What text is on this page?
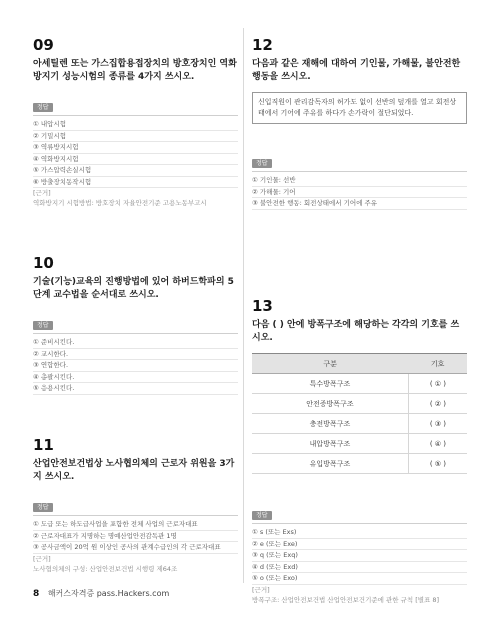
09
아세틸렌 또는 가스집합용접장치의 방호장치인 역화방지기 성능시험의 종류를 4가지 쓰시오.
정답
① 내압시험
② 기밀시험
③ 역류방지시험
④ 역화방지시험
⑤ 가스압력손실시험
⑥ 방출장치동작시험
[근거]
역화방지기 시험방법: 방호장치 자율안전기준 고용노동부고시
10
기술(기능)교육의 진행방법에 있어 하버드학파의 5단계 교수법을 순서대로 쓰시오.
정답
① 준비시킨다.
② 교시한다.
③ 연합한다.
④ 총괄시킨다.
⑤ 응용시킨다.
11
산업안전보건법상 노사협의체의 근로자 위원을 3가지 쓰시오.
정답
① 도급 또는 하도급사업을 포함한 전체 사업의 근로자대표
② 근로자대표가 지명하는 명예산업안전감독관 1명
③ 공사금액이 20억 원 이상인 공사의 관계수급인의 각 근로자대표
[근거]
노사협의체의 구성: 산업안전보건법 시행령 제64조
12
다음과 같은 재해에 대하여 기인물, 가해물, 불안전한 행동을 쓰시오.
신입직원이 관리감독자의 허가도 없이 선반의 덮개를 열고 회전상태에서 기어에 주유를 하다가 손가락이 절단되었다.
정답
① 기인물: 선반
② 가해물: 기어
③ 불안전한 행동: 회전상태에서 기어에 주유
13
다음 ( ) 안에 방폭구조에 해당하는 각각의 기호를 쓰시오.
구분	기호
특수방폭구조	( ① )
안전증방폭구조	( ② )
충전방폭구조	( ③ )
내압방폭구조	( ④ )
유입방폭구조	( ⑤ )
정답
① s (또는 Exs)
② e (또는 Exe)
③ q (또는 Exq)
④ d (또는 Exd)
⑤ o (또는 Exo)
[근거]
방폭구조: 산업안전보건법 산업안전보건기준에 관한 규칙 [별표 8]
8 해커스자격증 pass.Hackers.com
